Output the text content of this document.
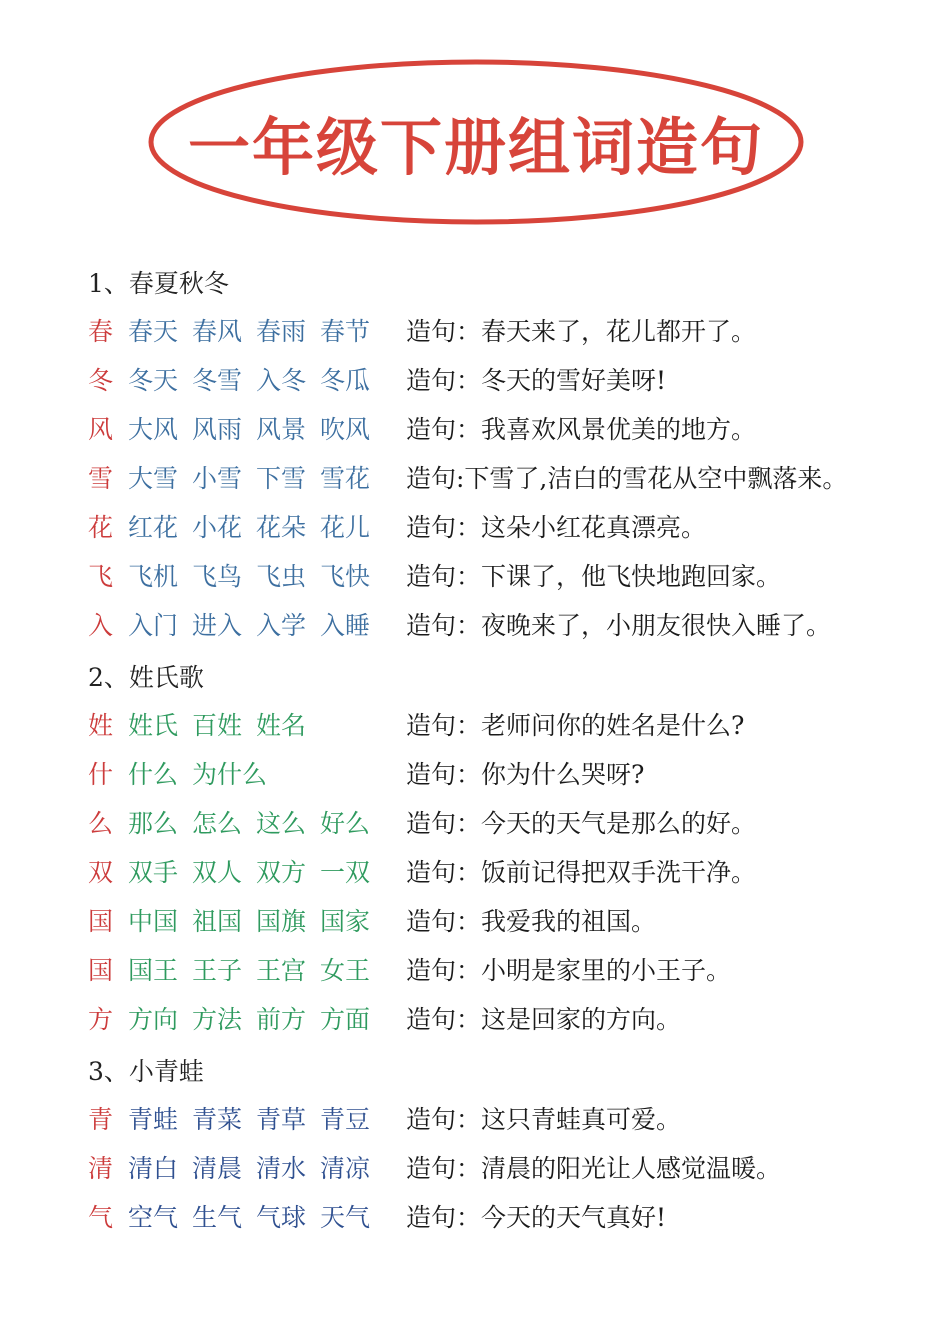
一年级下册组词造句
1、春夏秋冬
春 春天 春风 春雨 春节	造句：春天来了，花儿都开了。
冬 冬天 冬雪 入冬 冬瓜	造句：冬天的雪好美呀!
风 大风 风雨 风景 吹风	造句：我喜欢风景优美的地方。
雪 大雪 小雪 下雪 雪花	造句:下雪了,洁白的雪花从空中飘落来。
花 红花 小花 花朵 花儿	造句：这朵小红花真漂亮。
飞 飞机 飞鸟 飞虫 飞快	造句：下课了，他飞快地跑回家。
入 入门 进入 入学 入睡	造句：夜晚来了，小朋友很快入睡了。
2、姓氏歌
姓 姓氏 百姓 姓名	造句：老师问你的姓名是什么?
什 什么 为什么	造句：你为什么哭呀?
么 那么 怎么 这么 好么	造句：今天的天气是那么的好。
双 双手 双人 双方 一双	造句：饭前记得把双手洗干净。
国 中国 祖国 国旗 国家	造句：我爱我的祖国。
国 国王 王子 王宫 女王	造句：小明是家里的小王子。
方 方向 方法 前方 方面	造句：这是回家的方向。
3、小青蛙
青 青蛙 青菜 青草 青豆	造句：这只青蛙真可爱。
清 清白 清晨 清水 清凉	造句：清晨的阳光让人感觉温暖。
气 空气 生气 气球 天气	造句：今天的天气真好!
